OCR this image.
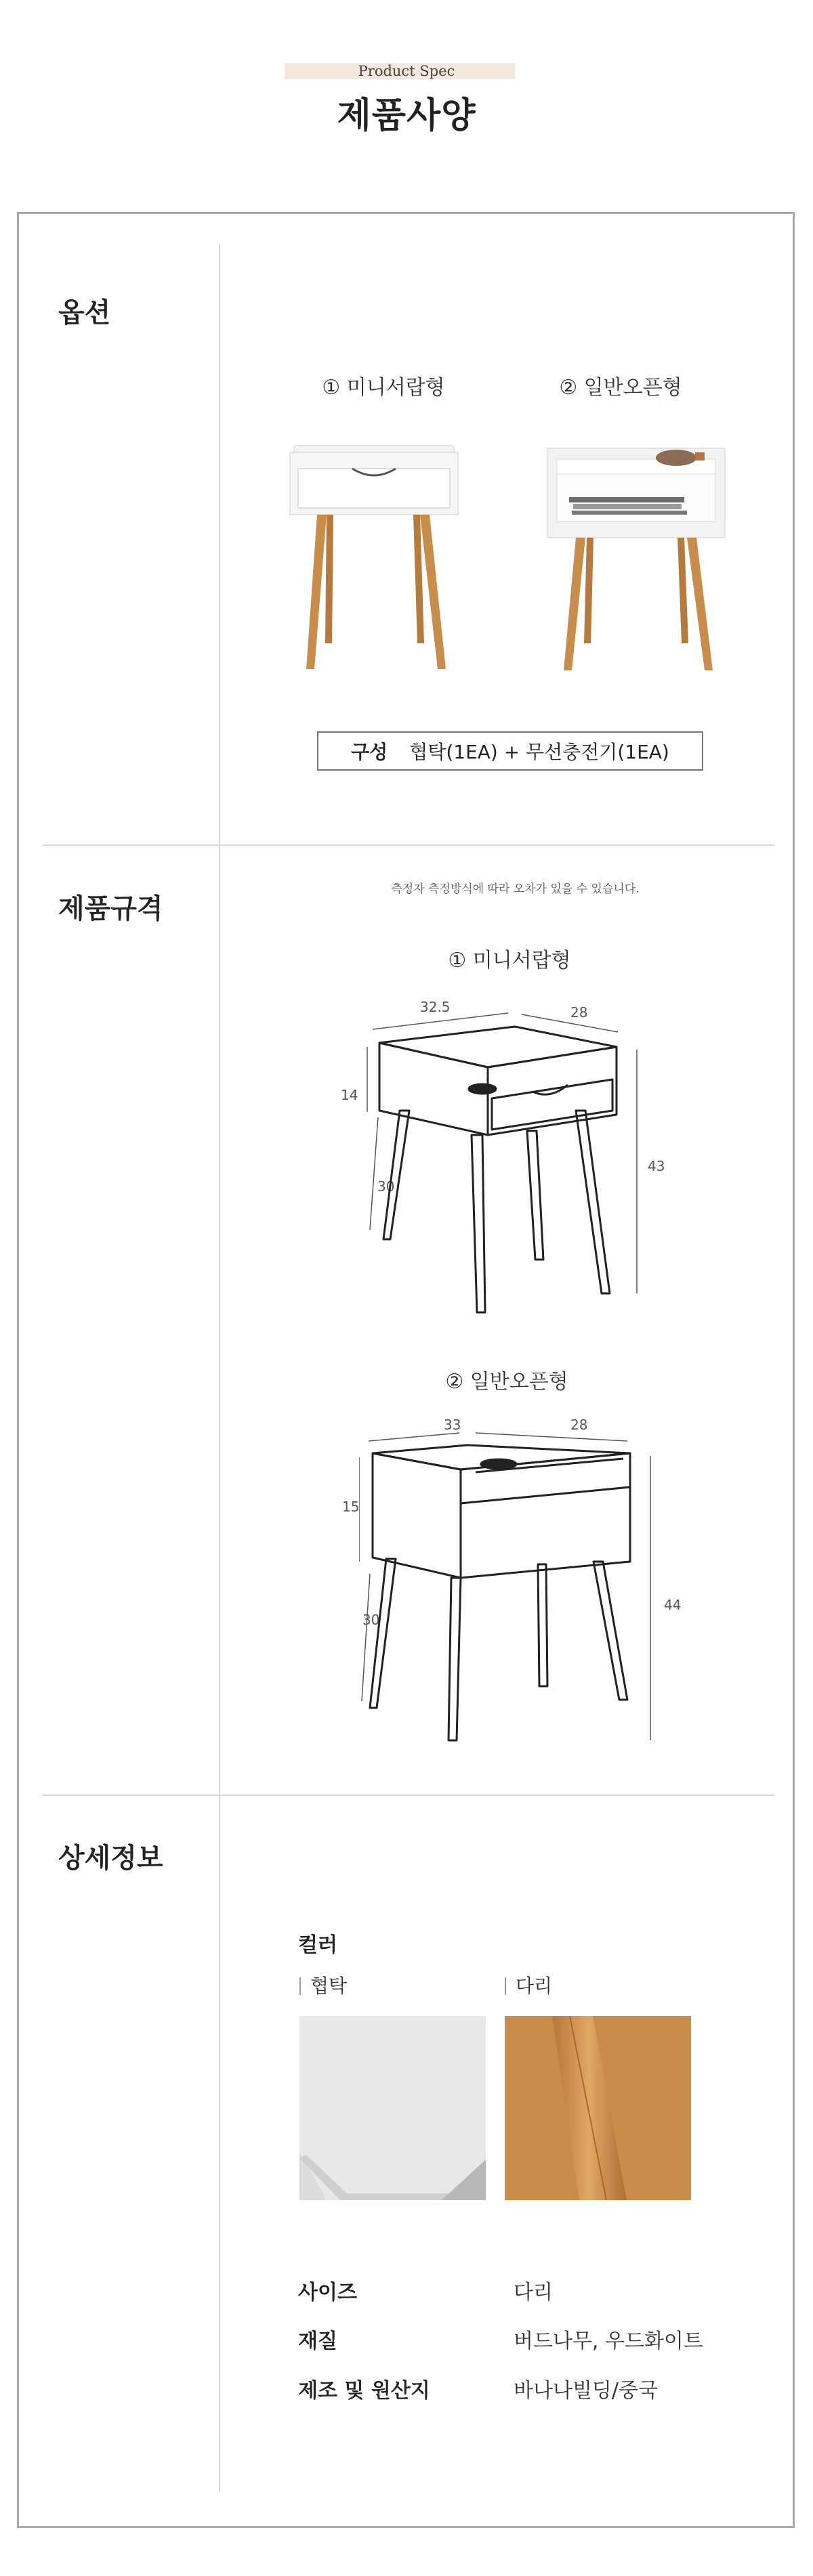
Product Spec
제품사양
옵션
① 미니서랍형	② 일반오픈형
구성 협탁(1EA) + 무선충전기(1EA)
제품규격
측정자 측정방식에 따라 오차가 있을 수 있습니다.
① 미니서랍형
32.5	28
14
30
43
② 일반오픈형
33	28
15
30
44
상세정보
컬러
협탁	다리
사이즈	다리
재질	버드나무, 우드화이트
제조 및 원산지	바나나빌딩/중국
